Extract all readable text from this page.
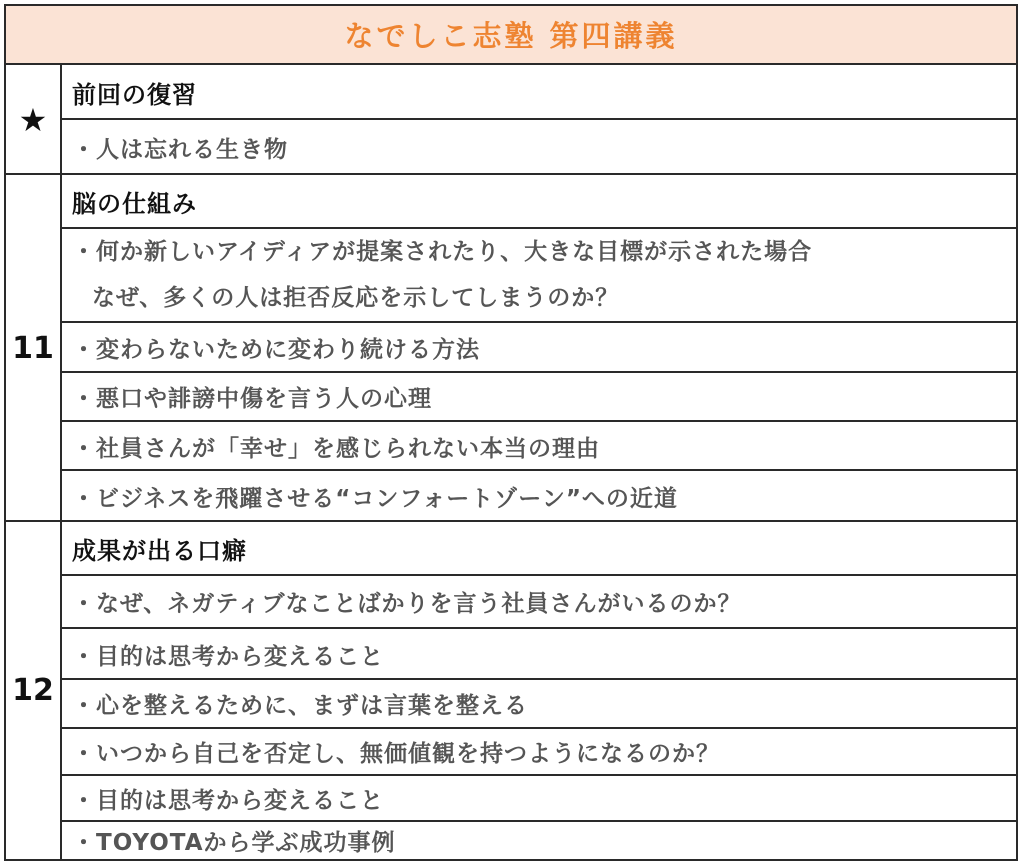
なでしこ志塾 第四講義
★
前回の復習
・人は忘れる生き物
11
脳の仕組み
・何か新しいアイディアが提案されたり、大きな目標が示された場合
なぜ、多くの人は拒否反応を示してしまうのか？
・変わらないために変わり続ける方法
・悪口や誹謗中傷を言う人の心理
・社員さんが「幸せ」を感じられない本当の理由
・ビジネスを飛躍させる“コンフォートゾーン”への近道
12
成果が出る口癖
・なぜ、ネガティブなことばかりを言う社員さんがいるのか？
・目的は思考から変えること
・心を整えるために、まずは言葉を整える
・いつから自己を否定し、無価値観を持つようになるのか？
・目的は思考から変えること
・TOYOTAから学ぶ成功事例
